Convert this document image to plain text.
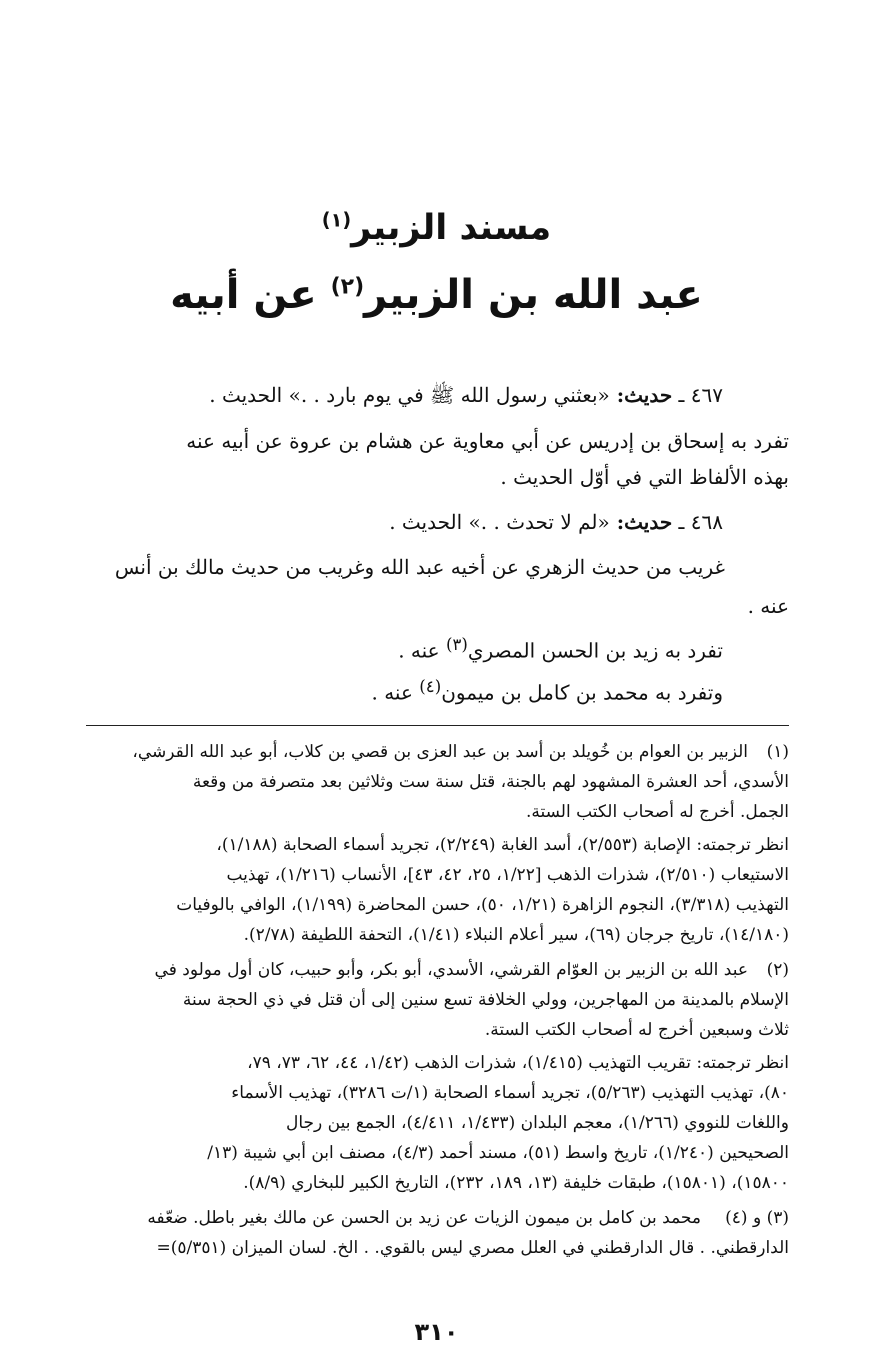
مسند الزبير$^{(١)}$
عبد الله بن الزبير$^{(٢)}$ عن أبيه
٤٦٧ ـ حديث: «بعثني رسول الله ﷺ في يوم بارد . .» الحديث .
تفرد به إسحاق بن إدريس عن أبي معاوية عن هشام بن عروة عن أبيه عنه
بهذه الألفاظ التي في أوّل الحديث .
٤٦٨ ـ حديث: «لم لا تحدث . .» الحديث .
غريب من حديث الزهري عن أخيه عبد الله وغريب من حديث مالك بن أنس
عنه .
تفرد به زيد بن الحسن المصري$^{(٣)}$ عنه .
وتفرد به محمد بن كامل بن ميمون$^{(٤)}$ عنه .
(١)
الزبير بن العوام بن خُويلد بن أسد بن عبد العزى بن قصي بن كلاب، أبو عبد الله القرشي،
الأسدي، أحد العشرة المشهود لهم بالجنة، قتل سنة ست وثلاثين بعد متصرفة من وقعة
الجمل. أخرج له أصحاب الكتب الستة.
انظر ترجمته: الإصابة (٢/٥٥٣)، أسد الغابة (٢/٢٤٩)، تجريد أسماء الصحابة (١/١٨٨)،
الاستيعاب (٢/٥١٠)، شذرات الذهب [١/٢٢، ٢٥، ٤٢، ٤٣]، الأنساب (١/٢١٦)، تهذيب
التهذيب (٣/٣١٨)، النجوم الزاهرة (١/٢١، ٥٠)، حسن المحاضرة (١/١٩٩)، الوافي بالوفيات
(١٤/١٨٠)، تاريخ جرجان (٦٩)، سير أعلام النبلاء (١/٤١)، التحفة اللطيفة (٢/٧٨).
(٢)
عبد الله بن الزبير بن العوّام القرشي، الأسدي، أبو بكر، وأبو حبيب، كان أول مولود في
الإسلام بالمدينة من المهاجرين، وولي الخلافة تسع سنين إلى أن قتل في ذي الحجة سنة
ثلاث وسبعين أخرج له أصحاب الكتب الستة.
انظر ترجمته: تقريب التهذيب (١/٤١٥)، شذرات الذهب (١/٤٢، ٤٤، ٦٢، ٧٣، ٧٩،
٨٠)، تهذيب التهذيب (٥/٢٦٣)، تجريد أسماء الصحابة (١/ت ٣٢٨٦)، تهذيب الأسماء
واللغات للنووي (١/٢٦٦)، معجم البلدان (١/٤٣٣، ٤/٤١١)، الجمع بين رجال
الصحيحين (١/٢٤٠)، تاريخ واسط (٥١)، مسند أحمد (٤/٣)، مصنف ابن أبي شيبة (١٣/
١٥٨٠٠)، (١٥٨٠١)، طبقات خليفة (١٣، ١٨٩، ٢٣٢)، التاريخ الكبير للبخاري (٨/٩).
(٣) و (٤)
محمد بن كامل بن ميمون الزيات عن زيد بن الحسن عن مالك بغير باطل. ضعّفه
الدارقطني. . قال الدارقطني في العلل مصري ليس بالقوي. . الخ. لسان الميزان (٥/٣٥١)=
٣١٠
